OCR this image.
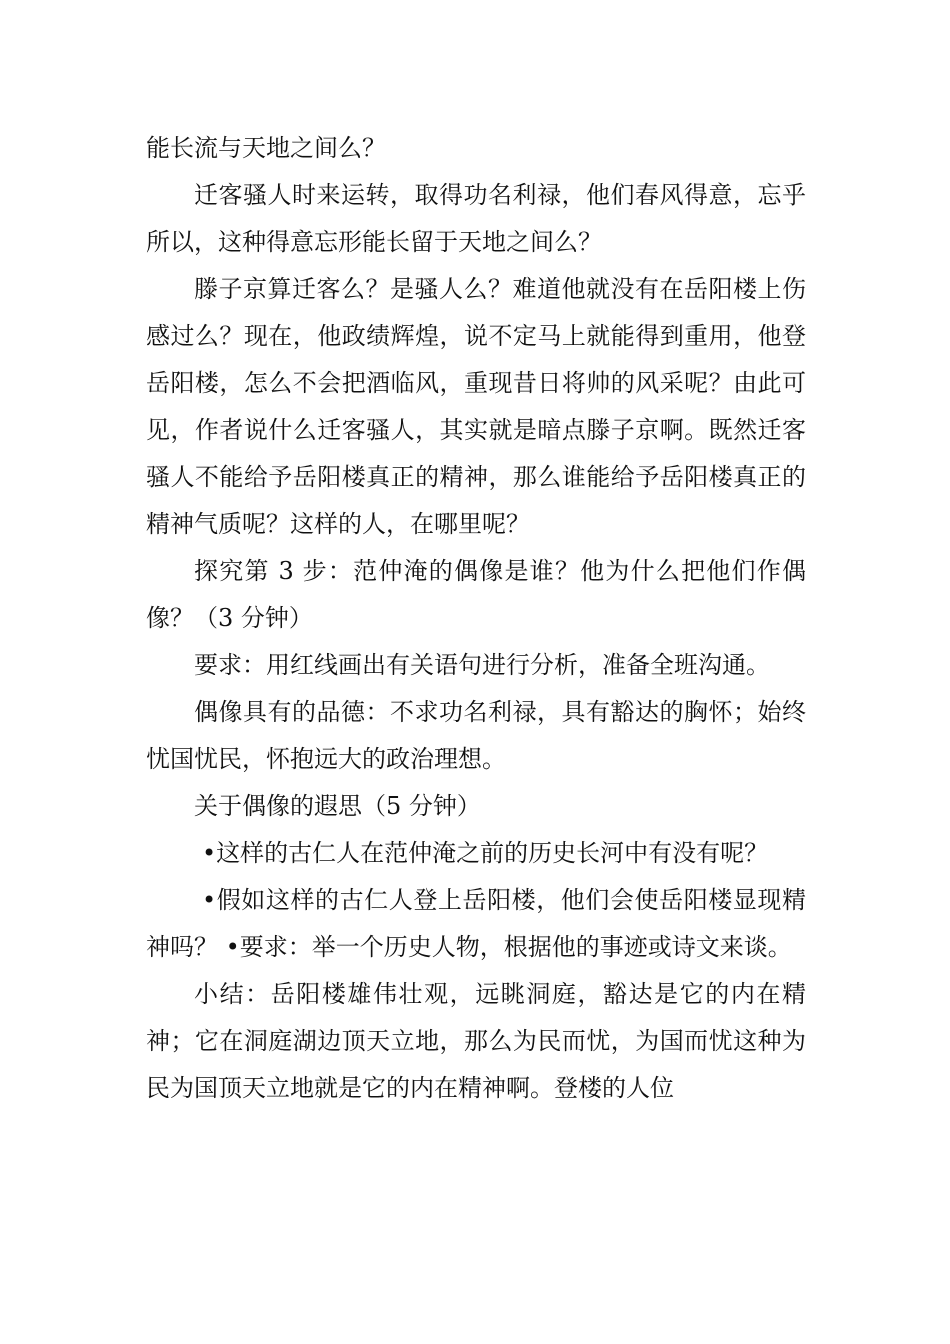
能长流与天地之间么？

迁客骚人时来运转，取得功名利禄，他们春风得意，忘乎所以，这种得意忘形能长留于天地之间么？

滕子京算迁客么？是骚人么？难道他就没有在岳阳楼上伤感过么？现在，他政绩辉煌，说不定马上就能得到重用，他登岳阳楼，怎么不会把酒临风，重现昔日将帅的风采呢？由此可见，作者说什么迁客骚人，其实就是暗点滕子京啊。既然迁客骚人不能给予岳阳楼真正的精神，那么谁能给予岳阳楼真正的精神气质呢？这样的人，在哪里呢？

探究第 3 步：范仲淹的偶像是谁？他为什么把他们作偶像？（3 分钟）

要求：用红线画出有关语句进行分析，准备全班沟通。

偶像具有的品德：不求功名利禄，具有豁达的胸怀；始终忧国忧民，怀抱远大的政治理想。

关于偶像的遐思（5 分钟）

•这样的古仁人在范仲淹之前的历史长河中有没有呢？

•假如这样的古仁人登上岳阳楼，他们会使岳阳楼显现精神吗？ •要求：举一个历史人物，根据他的事迹或诗文来谈。

小结：岳阳楼雄伟壮观，远眺洞庭，豁达是它的内在精神；它在洞庭湖边顶天立地，那么为民而忧，为国而忧这种为民为国顶天立地就是它的内在精神啊。登楼的人位
